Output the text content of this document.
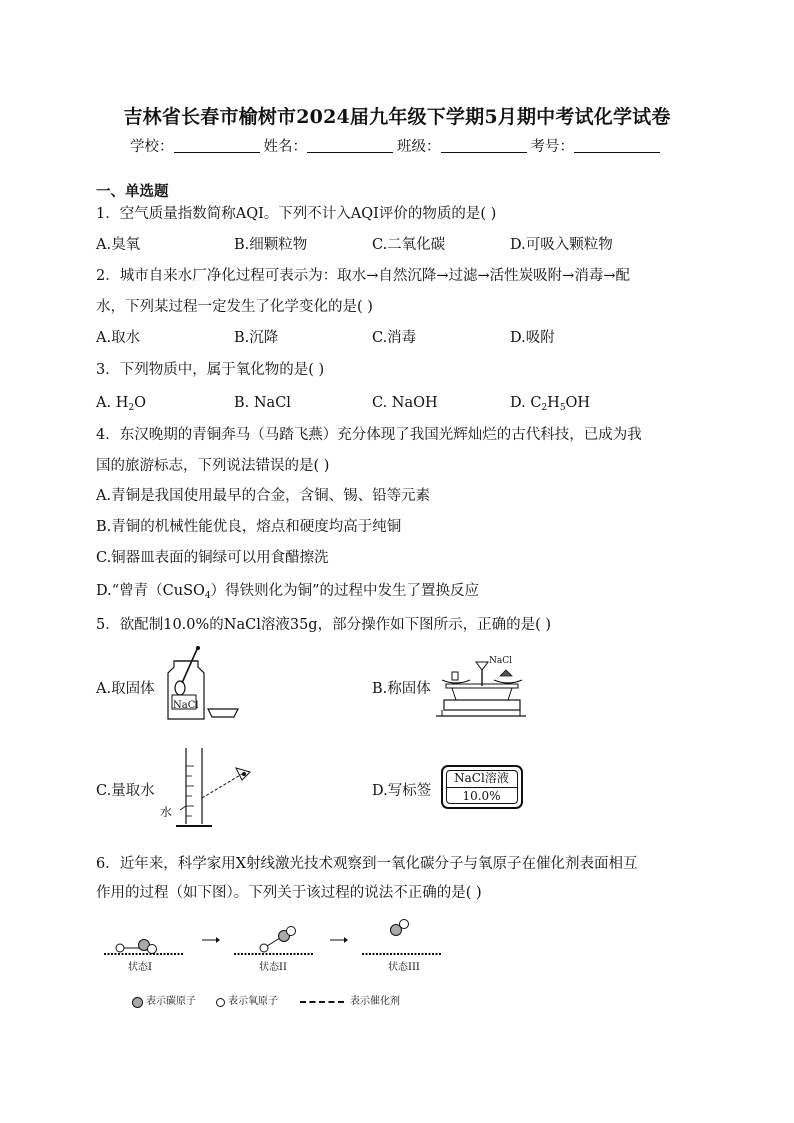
吉林省长春市榆树市2024届九年级下学期5月期中考试化学试卷
学校：	姓名：	班级：	考号：
一、单选题
1．空气质量指数简称AQI。下列不计入AQI评价的物质的是( )
A.臭氧	B.细颗粒物	C.二氧化碳	D.可吸入颗粒物
2．城市自来水厂净化过程可表示为：取水→自然沉降→过滤→活性炭吸附→消毒→配
水，下列某过程一定发生了化学变化的是( )
A.取水	B.沉降	C.消毒	D.吸附
3．下列物质中，属于氧化物的是( )
A. $H_2O$	B. NaCl	C. NaOH	D. $C_2H_5OH$
4．东汉晚期的青铜奔马（马踏飞燕）充分体现了我国光辉灿烂的古代科技，已成为我
国的旅游标志，下列说法错误的是( )
A.青铜是我国使用最早的合金，含铜、锡、铅等元素
B.青铜的机械性能优良，熔点和硬度均高于纯铜
C.铜器皿表面的铜绿可以用食醋擦洗
D.“曾青（CuSO$_4$）得铁则化为铜”的过程中发生了置换反应
5．欲配制10.0%的NaCl溶液35g，部分操作如下图所示，正确的是( )
A.取固体
NaCl
B.称固体
NaCl
C.量取水
水
D.写标签
NaCl溶液
10.0%
6．近年来，科学家用X射线激光技术观察到一氧化碳分子与氧原子在催化剂表面相互
作用的过程（如下图）。下列关于该过程的说法不正确的是( )
状态I	状态II	状态III
表示碳原子	表示氧原子	表示催化剂
